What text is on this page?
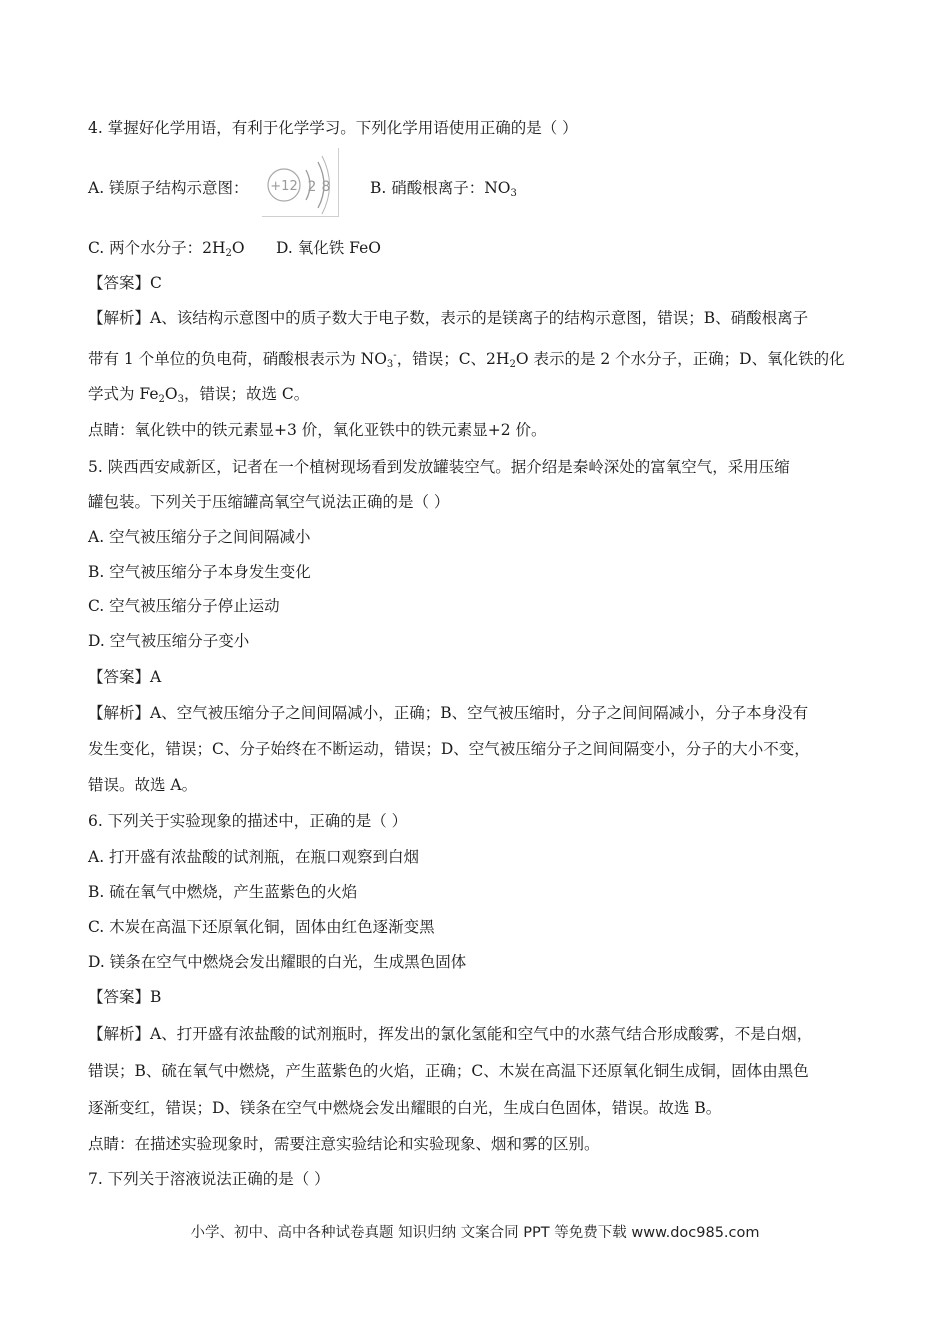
4. 掌握好化学用语，有利于化学学习。下列化学用语使用正确的是（ ）
A. 镁原子结构示意图： +12 2 8	B. 硝酸根离子：$NO_3$
C. 两个水分子：$2H_2O$ D. 氧化铁 FeO
【答案】C
【解析】A、该结构示意图中的质子数大于电子数，表示的是镁离子的结构示意图，错误；B、硝酸根离子
带有 1 个单位的负电荷，硝酸根表示为 $NO_3^-$，错误；C、$2H_2O$ 表示的是 2 个水分子，正确；D、氧化铁的化
学式为 $Fe_2O_3$，错误；故选 C。
点睛：氧化铁中的铁元素显+3 价，氧化亚铁中的铁元素显+2 价。
5. 陕西西安咸新区，记者在一个植树现场看到发放罐装空气。据介绍是秦岭深处的富氧空气，采用压缩
罐包装。下列关于压缩罐高氧空气说法正确的是（ ）
A. 空气被压缩分子之间间隔减小
B. 空气被压缩分子本身发生变化
C. 空气被压缩分子停止运动
D. 空气被压缩分子变小
【答案】A
【解析】A、空气被压缩分子之间间隔减小，正确；B、空气被压缩时，分子之间间隔减小，分子本身没有
发生变化，错误；C、分子始终在不断运动，错误；D、空气被压缩分子之间间隔变小，分子的大小不变，
错误。故选 A。
6. 下列关于实验现象的描述中，正确的是（ ）
A. 打开盛有浓盐酸的试剂瓶，在瓶口观察到白烟
B. 硫在氧气中燃烧，产生蓝紫色的火焰
C. 木炭在高温下还原氧化铜，固体由红色逐渐变黑
D. 镁条在空气中燃烧会发出耀眼的白光，生成黑色固体
【答案】B
【解析】A、打开盛有浓盐酸的试剂瓶时，挥发出的氯化氢能和空气中的水蒸气结合形成酸雾，不是白烟，
错误；B、硫在氧气中燃烧，产生蓝紫色的火焰，正确；C、木炭在高温下还原氧化铜生成铜，固体由黑色
逐渐变红，错误；D、镁条在空气中燃烧会发出耀眼的白光，生成白色固体，错误。故选 B。
点睛：在描述实验现象时，需要注意实验结论和实验现象、烟和雾的区别。
7. 下列关于溶液说法正确的是（ ）
小学、初中、高中各种试卷真题 知识归纳 文案合同 PPT 等免费下载 www.doc985.com
